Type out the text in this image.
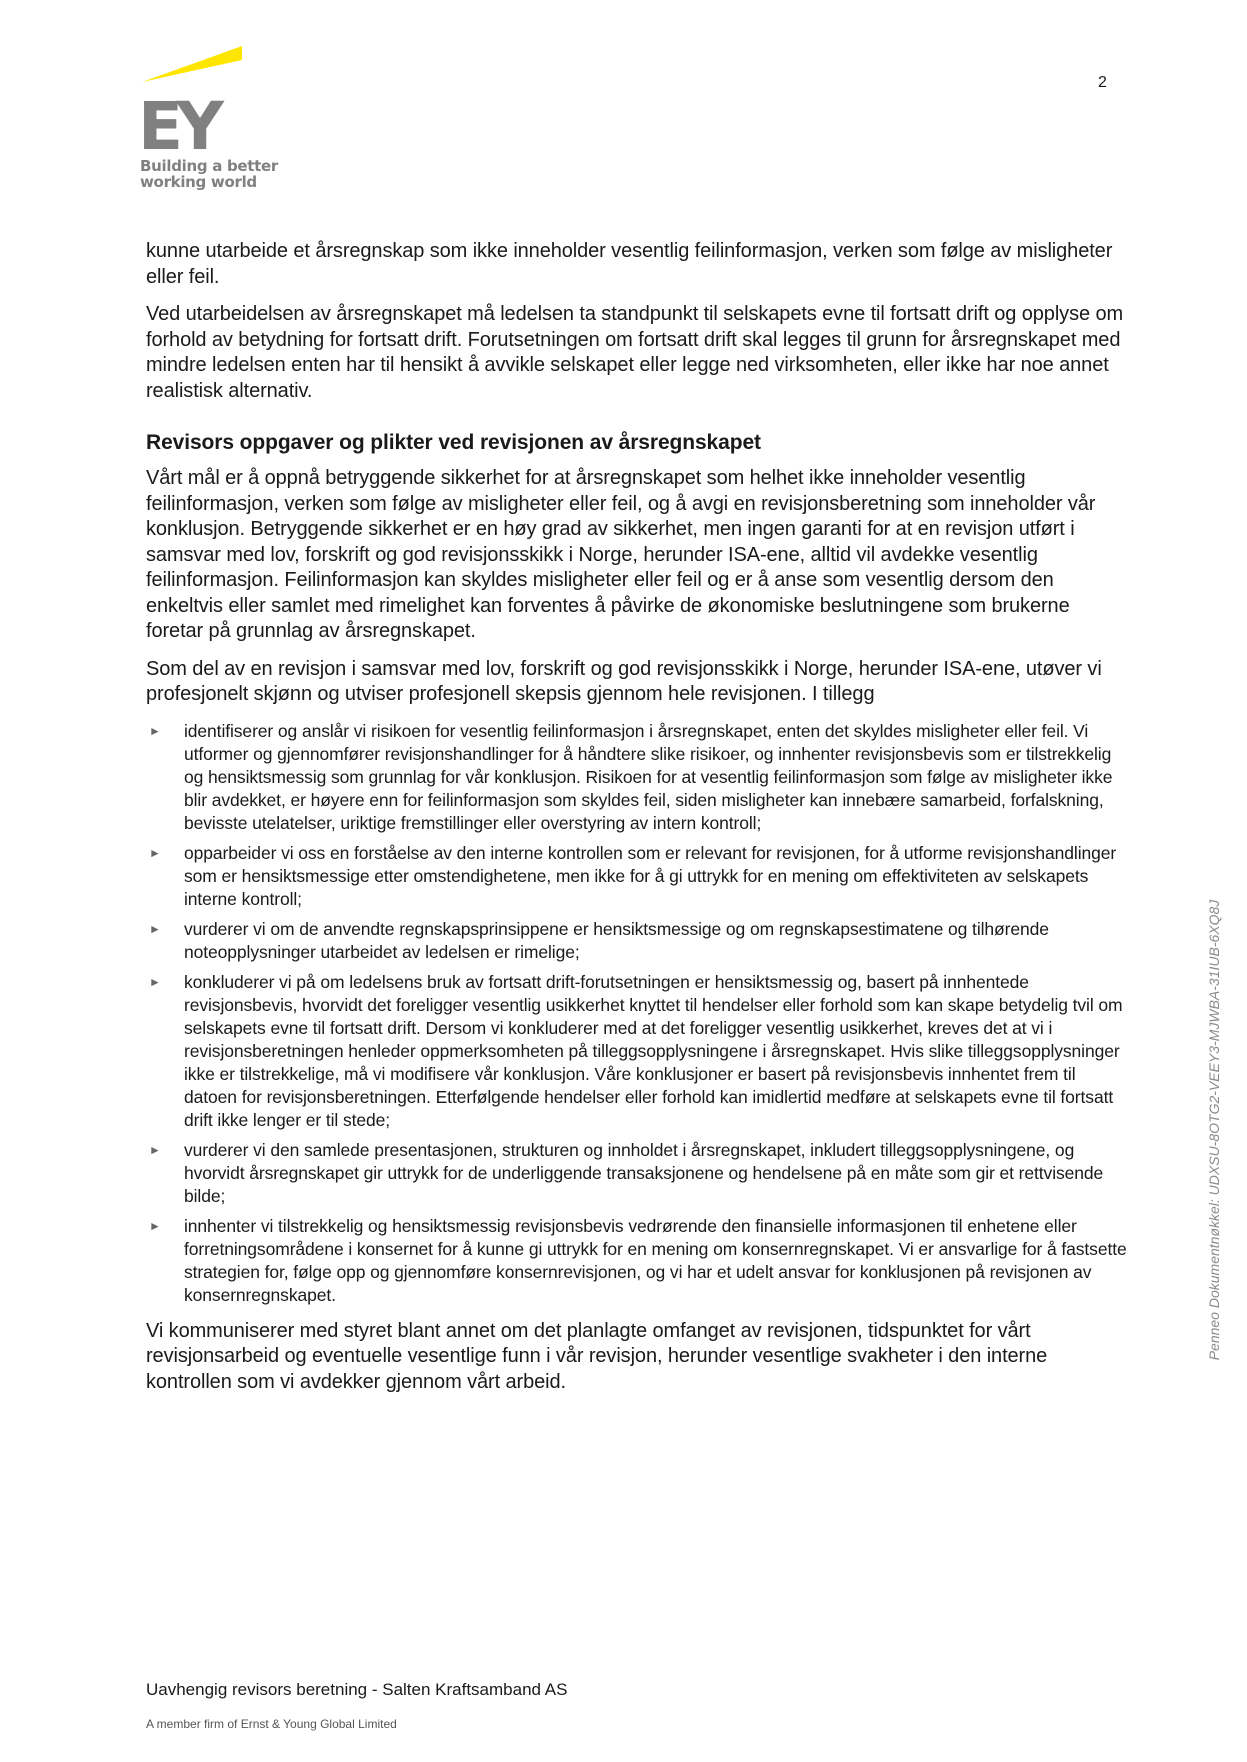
EY
Building a better
working world
2

kunne utarbeide et årsregnskap som ikke inneholder vesentlig feilinformasjon, verken som følge av misligheter eller feil.

Ved utarbeidelsen av årsregnskapet må ledelsen ta standpunkt til selskapets evne til fortsatt drift og opplyse om forhold av betydning for fortsatt drift. Forutsetningen om fortsatt drift skal legges til grunn for årsregnskapet med mindre ledelsen enten har til hensikt å avvikle selskapet eller legge ned virksomheten, eller ikke har noe annet realistisk alternativ.

Revisors oppgaver og plikter ved revisjonen av årsregnskapet

Vårt mål er å oppnå betryggende sikkerhet for at årsregnskapet som helhet ikke inneholder vesentlig feilinformasjon, verken som følge av misligheter eller feil, og å avgi en revisjonsberetning som inneholder vår konklusjon. Betryggende sikkerhet er en høy grad av sikkerhet, men ingen garanti for at en revisjon utført i samsvar med lov, forskrift og god revisjonsskikk i Norge, herunder ISA-ene, alltid vil avdekke vesentlig feilinformasjon. Feilinformasjon kan skyldes misligheter eller feil og er å anse som vesentlig dersom den enkeltvis eller samlet med rimelighet kan forventes å påvirke de økonomiske beslutningene som brukerne foretar på grunnlag av årsregnskapet.

Som del av en revisjon i samsvar med lov, forskrift og god revisjonsskikk i Norge, herunder ISA-ene, utøver vi profesjonelt skjønn og utviser profesjonell skepsis gjennom hele revisjonen. I tillegg

► identifiserer og anslår vi risikoen for vesentlig feilinformasjon i årsregnskapet, enten det skyldes misligheter eller feil. Vi utformer og gjennomfører revisjonshandlinger for å håndtere slike risikoer, og innhenter revisjonsbevis som er tilstrekkelig og hensiktsmessig som grunnlag for vår konklusjon. Risikoen for at vesentlig feilinformasjon som følge av misligheter ikke blir avdekket, er høyere enn for feilinformasjon som skyldes feil, siden misligheter kan innebære samarbeid, forfalskning, bevisste utelatelser, uriktige fremstillinger eller overstyring av intern kontroll;
► opparbeider vi oss en forståelse av den interne kontrollen som er relevant for revisjonen, for å utforme revisjonshandlinger som er hensiktsmessige etter omstendighetene, men ikke for å gi uttrykk for en mening om effektiviteten av selskapets interne kontroll;
► vurderer vi om de anvendte regnskapsprinsippene er hensiktsmessige og om regnskapsestimatene og tilhørende noteopplysninger utarbeidet av ledelsen er rimelige;
► konkluderer vi på om ledelsens bruk av fortsatt drift-forutsetningen er hensiktsmessig og, basert på innhentede revisjonsbevis, hvorvidt det foreligger vesentlig usikkerhet knyttet til hendelser eller forhold som kan skape betydelig tvil om selskapets evne til fortsatt drift. Dersom vi konkluderer med at det foreligger vesentlig usikkerhet, kreves det at vi i revisjonsberetningen henleder oppmerksomheten på tilleggsopplysningene i årsregnskapet. Hvis slike tilleggsopplysninger ikke er tilstrekkelige, må vi modifisere vår konklusjon. Våre konklusjoner er basert på revisjonsbevis innhentet frem til datoen for revisjonsberetningen. Etterfølgende hendelser eller forhold kan imidlertid medføre at selskapets evne til fortsatt drift ikke lenger er til stede;
► vurderer vi den samlede presentasjonen, strukturen og innholdet i årsregnskapet, inkludert tilleggsopplysningene, og hvorvidt årsregnskapet gir uttrykk for de underliggende transaksjonene og hendelsene på en måte som gir et rettvisende bilde;
► innhenter vi tilstrekkelig og hensiktsmessig revisjonsbevis vedrørende den finansielle informasjonen til enhetene eller forretningsområdene i konsernet for å kunne gi uttrykk for en mening om konsernregnskapet. Vi er ansvarlige for å fastsette strategien for, følge opp og gjennomføre konsernrevisjonen, og vi har et udelt ansvar for konklusjonen på revisjonen av konsernregnskapet.

Vi kommuniserer med styret blant annet om det planlagte omfanget av revisjonen, tidspunktet for vårt revisjonsarbeid og eventuelle vesentlige funn i vår revisjon, herunder vesentlige svakheter i den interne kontrollen som vi avdekker gjennom vårt arbeid.

Penneo Dokumentnøkkel: UDXSU-8OTG2-VEEY3-MJWBA-31IUB-6XQ8J
Uavhengig revisors beretning - Salten Kraftsamband AS
A member firm of Ernst & Young Global Limited
